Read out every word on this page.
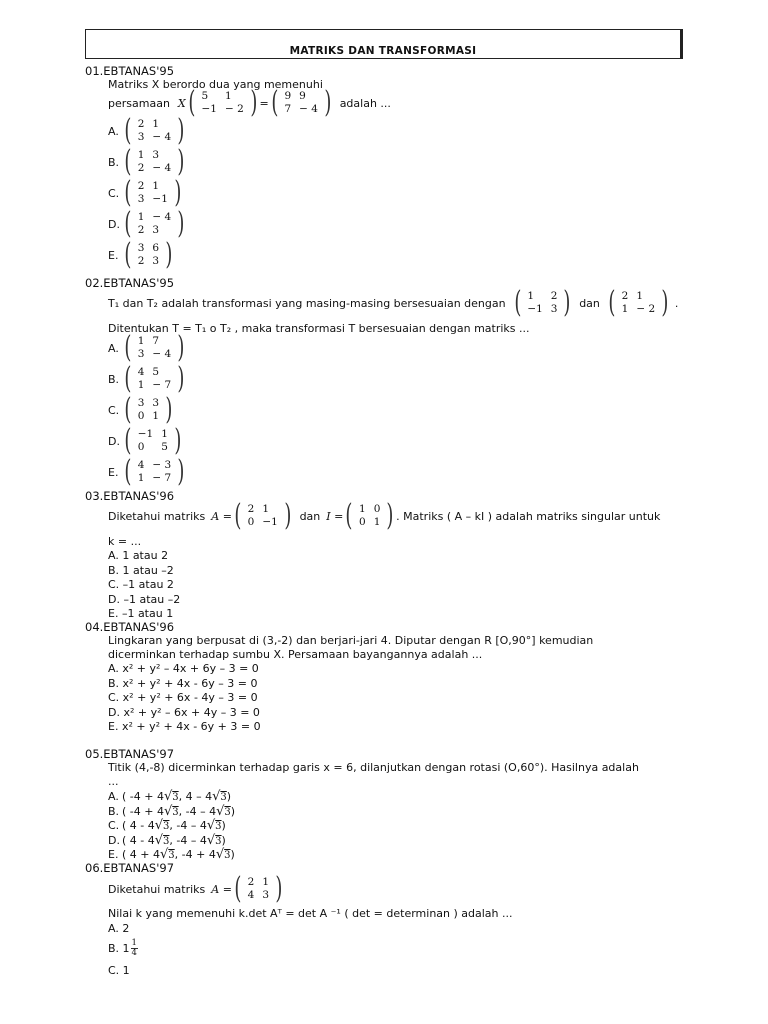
MATRIKS DAN TRANSFORMASI
01.EBTANAS'95
Matriks X berordo dua yang memenuhi
persamaan X ( 5	1
−1	− 2 ) = ( 9	9
7	− 4 ) adalah ...
A. ( 2	1
3	− 4 )
B. ( 1	3
2	− 4 )
C. ( 2	1
3	−1 )
D. ( 1	− 4
2	3 )
E. ( 3	6
2	3 )
02.EBTANAS'95
T₁ dan T₂ adalah transformasi yang masing-masing bersesuaian dengan ( 1	2
−1	3 ) dan ( 2	1
1	− 2 ) .
Ditentukan T = T₁ o T₂ , maka transformasi T bersesuaian dengan matriks ...
A. ( 1	7
3	− 4 )
B. ( 4	5
1	− 7 )
C. ( 3	3
0	1 )
D. ( −1	1
0	5 )
E. ( 4	− 3
1	− 7 )
03.EBTANAS'96
Diketahui matriks A = ( 2	1
0	−1 ) dan I = ( 1	0
0	1 ) . Matriks ( A – kI ) adalah matriks singular untuk
k = ...
A. 1 atau 2
B. 1 atau –2
C. –1 atau 2
D. –1 atau –2
E. –1 atau 1
04.EBTANAS'96
Lingkaran yang berpusat di (3,-2) dan berjari-jari 4. Diputar dengan R [O,90°] kemudian
dicerminkan terhadap sumbu X. Persamaan bayangannya adalah ...
A. x² + y² – 4x + 6y – 3 = 0
B. x² + y² + 4x - 6y – 3 = 0
C. x² + y² + 6x - 4y – 3 = 0
D. x² + y² – 6x + 4y – 3 = 0
E. x² + y² + 4x - 6y + 3 = 0
05.EBTANAS'97
Titik (4,-8) dicerminkan terhadap garis x = 6, dilanjutkan dengan rotasi (O,60°). Hasilnya adalah
...
A. ( -4 + 4 √3 , 4 – 4 √3 )
B. ( -4 + 4 √3 , -4 – 4 √3 )
C. ( 4 - 4 √3 , -4 – 4 √3 )
D. ( 4 - 4 √3 , -4 – 4 √3 )
E. ( 4 + 4 √3 , -4 + 4 √3 )
06.EBTANAS'97
Diketahui matriks A = ( 2	1
4	3 )
Nilai k yang memenuhi k.det Aᵀ = det A ⁻¹ ( det = determinan ) adalah ...
A. 2
B. $1 \frac{1}{4}$
C. 1
